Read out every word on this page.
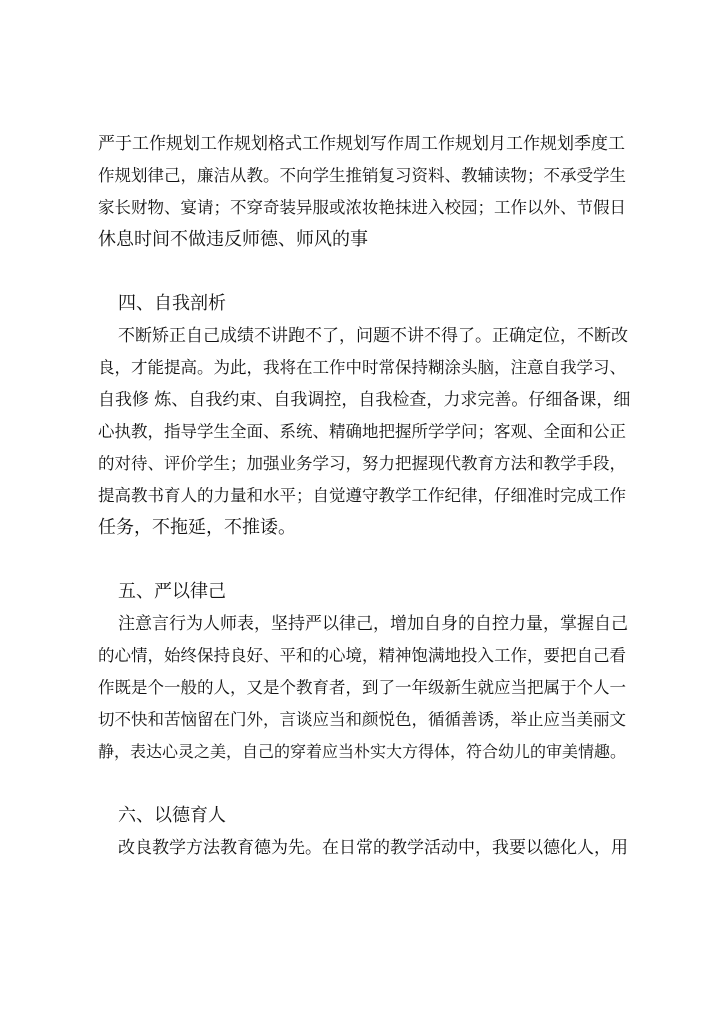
严于工作规划工作规划格式工作规划写作周工作规划月工作规划季度工
作规划律己，廉洁从教。不向学生推销复习资料、教辅读物；不承受学生
家长财物、宴请；不穿奇装异服或浓妆艳抹进入校园；工作以外、节假日
休息时间不做违反师德、师风的事
四、自我剖析
不断矫正自己成绩不讲跑不了，问题不讲不得了。正确定位，不断改
良，才能提高。为此，我将在工作中时常保持糊涂头脑，注意自我学习、
自我修 炼、自我约束、自我调控，自我检查，力求完善。仔细备课，细
心执教，指导学生全面、系统、精确地把握所学学问；客观、全面和公正
的对待、评价学生；加强业务学习，努力把握现代教育方法和教学手段，
提高教书育人的力量和水平；自觉遵守教学工作纪律，仔细准时完成工作
任务，不拖延，不推诿。
五、严以律己
注意言行为人师表，坚持严以律己，增加自身的自控力量，掌握自己
的心情，始终保持良好、平和的心境，精神饱满地投入工作，要把自己看
作既是个一般的人，又是个教育者，到了一年级新生就应当把属于个人一
切不快和苦恼留在门外，言谈应当和颜悦色，循循善诱，举止应当美丽文
静，表达心灵之美，自己的穿着应当朴实大方得体，符合幼儿的审美情趣。
六、以德育人
改良教学方法教育德为先。在日常的教学活动中，我要以德化人，用
